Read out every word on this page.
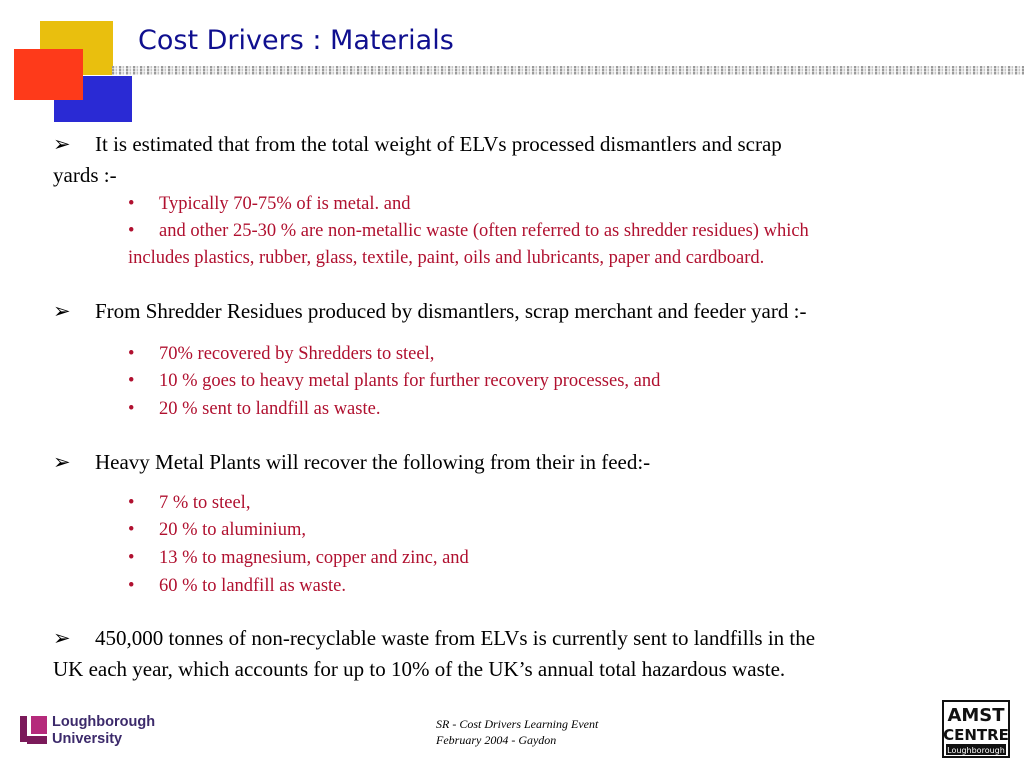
Cost Drivers : Materials
➢ It is estimated that from the total weight of ELVs processed dismantlers and scrap
yards :-
• Typically 70-75% of is metal. and
• and other 25-30 % are non-metallic waste (often referred to as shredder residues) which
includes plastics, rubber, glass, textile, paint, oils and lubricants, paper and cardboard.
➢ From Shredder Residues produced by dismantlers, scrap merchant and feeder yard :-
• 70% recovered by Shredders to steel,
• 10 % goes to heavy metal plants for further recovery processes, and
• 20 % sent to landfill as waste.
➢ Heavy Metal Plants will recover the following from their in feed:-
• 7 % to steel,
• 20 % to aluminium,
• 13 % to magnesium, copper and zinc, and
• 60 % to landfill as waste.
➢ 450,000 tonnes of non-recyclable waste from ELVs is currently sent to landfills in the
UK each year, which accounts for up to 10% of the UK’s annual total hazardous waste.
Loughborough
University
SR - Cost Drivers Learning Event
February 2004 - Gaydon
AMST
CENTRE
Loughborough
